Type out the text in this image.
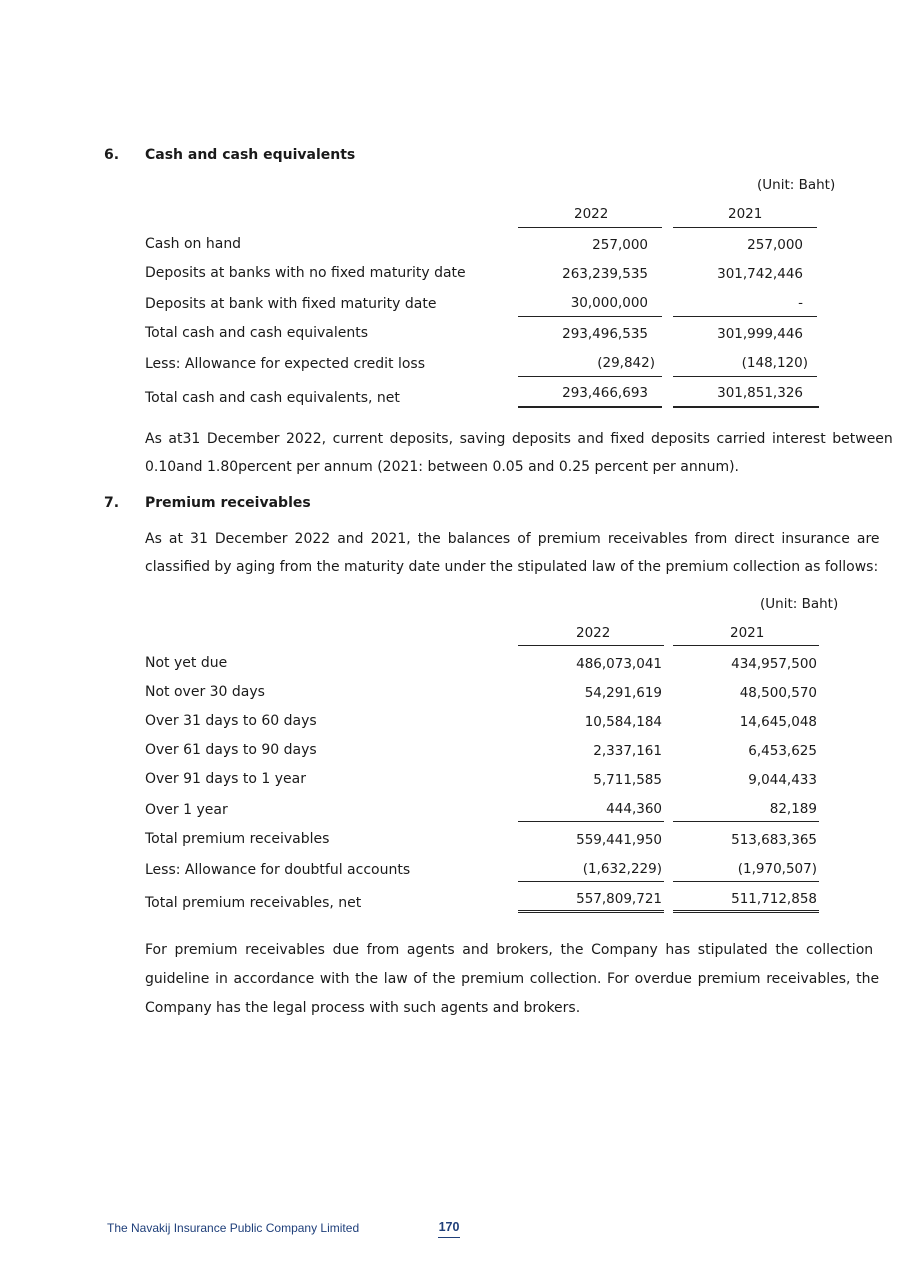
6. Cash and cash equivalents
(Unit: Baht)
2022	2021
Cash on hand	257,000	257,000
Deposits at banks with no fixed maturity date	263,239,535	301,742,446
Deposits at bank with fixed maturity date	30,000,000	-
Total cash and cash equivalents	293,496,535	301,999,446
Less: Allowance for expected credit loss	(29,842)	(148,120)
Total cash and cash equivalents, net	293,466,693	301,851,326
As at31 December 2022, current deposits, saving deposits and fixed deposits carried interest between
0.10and 1.80percent per annum (2021: between 0.05 and 0.25 percent per annum).
7. Premium receivables
As at 31 December 2022 and 2021, the balances of premium receivables from direct insurance are
classified by aging from the maturity date under the stipulated law of the premium collection as follows:
(Unit: Baht)
2022	2021
Not yet due	486,073,041	434,957,500
Not over 30 days	54,291,619	48,500,570
Over 31 days to 60 days	10,584,184	14,645,048
Over 61 days to 90 days	2,337,161	6,453,625
Over 91 days to 1 year	5,711,585	9,044,433
Over 1 year	444,360	82,189
Total premium receivables	559,441,950	513,683,365
Less: Allowance for doubtful accounts	(1,632,229)	(1,970,507)
Total premium receivables, net	557,809,721	511,712,858
For premium receivables due from agents and brokers, the Company has stipulated the collection
guideline in accordance with the law of the premium collection. For overdue premium receivables, the
Company has the legal process with such agents and brokers.
The Navakij Insurance Public Company Limited	170
